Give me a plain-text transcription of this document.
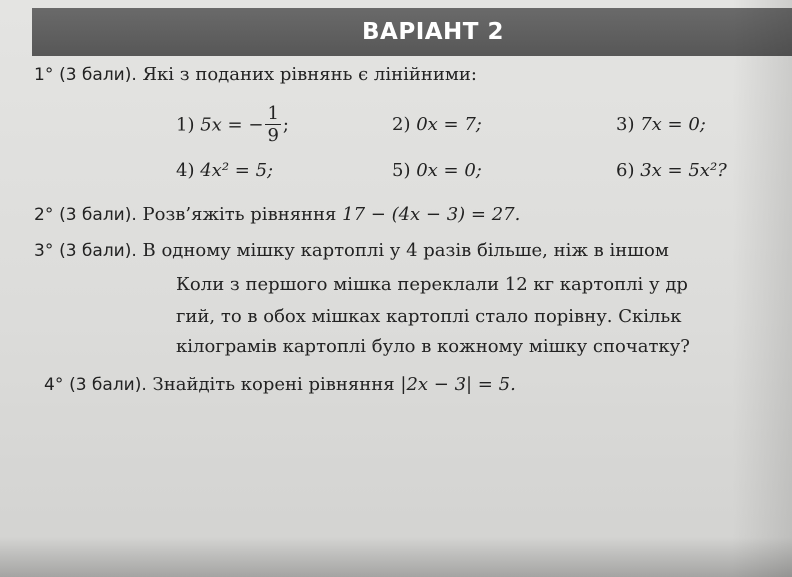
ВАРІАНТ 2
1° (3 бали). Які з поданих рівнянь є лінійними:
1) 5x = − $\frac{1}{9}$ ;	2) 0x = 7;	3) 7x = 0;
4) 4x² = 5;	5) 0x = 0;	6) 3x = 5x²?
2° (3 бали). Розв’яжіть рівняння 17 − (4x − 3) = 27.
3° (3 бали). В одному мішку картоплі у 4 разів більше, ніж в іншом
Коли з першого мішка переклали 12 кг картоплі у др
гий, то в обох мішках картоплі стало порівну. Скільк
кілограмів картоплі було в кожному мішку спочатку?
4° (3 бали). Знайдіть корені рівняння |2x − 3| = 5.
